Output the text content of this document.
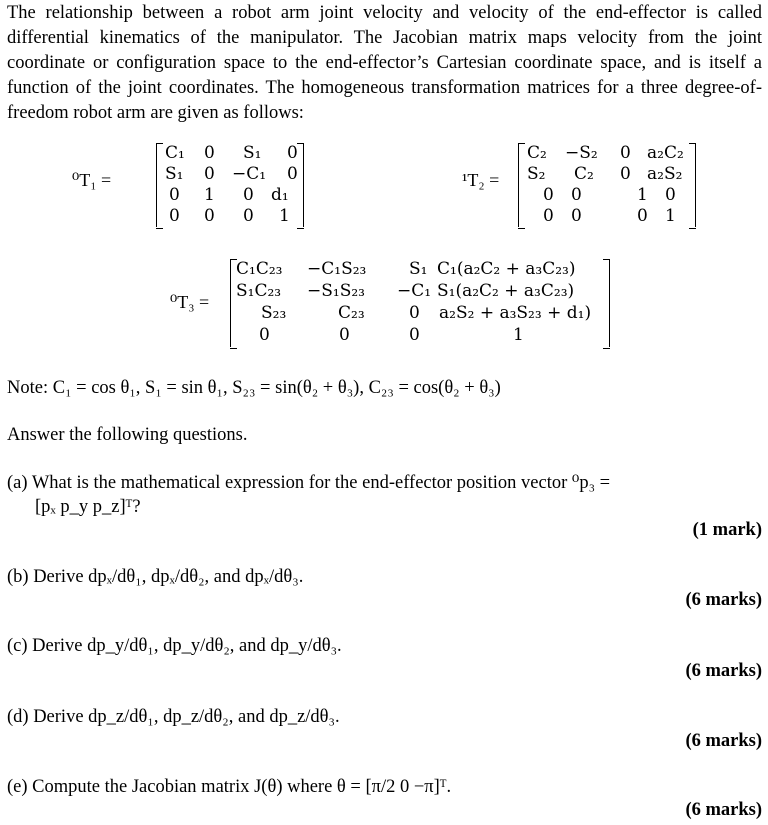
The relationship between a robot arm joint velocity and velocity of the end-effector is called differential kinematics of the manipulator. The Jacobian matrix maps velocity from the joint coordinate or configuration space to the end-effector’s Cartesian coordinate space, and is itself a function of the joint coordinates. The homogeneous transformation matrices for a three degree-of-freedom robot arm are given as follows:
⁰T₁ =
C₁ 0 S₁ 0
S₁ 0 −C₁ 0
0 1 0 d₁
0 0 0 1
¹T₂ =
C₂ −S₂ 0 a₂C₂
S₂ C₂ 0 a₂S₂
0 0	1 0
0 0	0 1
⁰T₃ =
C₁C₂₃ −C₁S₂₃	S₁ C₁(a₂C₂ + a₃C₂₃)
S₁C₂₃ −S₁S₂₃ −C₁ S₁(a₂C₂ + a₃C₂₃)
S₂₃	C₂₃	0 a₂S₂ + a₃S₂₃ + d₁)
0	0	0	1
Note: C₁ = cos θ₁, S₁ = sin θ₁, S₂₃ = sin(θ₂ + θ₃), C₂₃ = cos(θ₂ + θ₃)
Answer the following questions.
(a) What is the mathematical expression for the end-effector position vector ⁰p₃ =
[pₓ p_y p_z]ᵀ?
(1 mark)
(b) Derive dpₓ/dθ₁, dpₓ/dθ₂, and dpₓ/dθ₃.
(6 marks)
(c) Derive dp_y/dθ₁, dp_y/dθ₂, and dp_y/dθ₃.
(6 marks)
(d) Derive dp_z/dθ₁, dp_z/dθ₂, and dp_z/dθ₃.
(6 marks)
(e) Compute the Jacobian matrix J(θ) where θ = [π/2 0 −π]ᵀ.
(6 marks)
